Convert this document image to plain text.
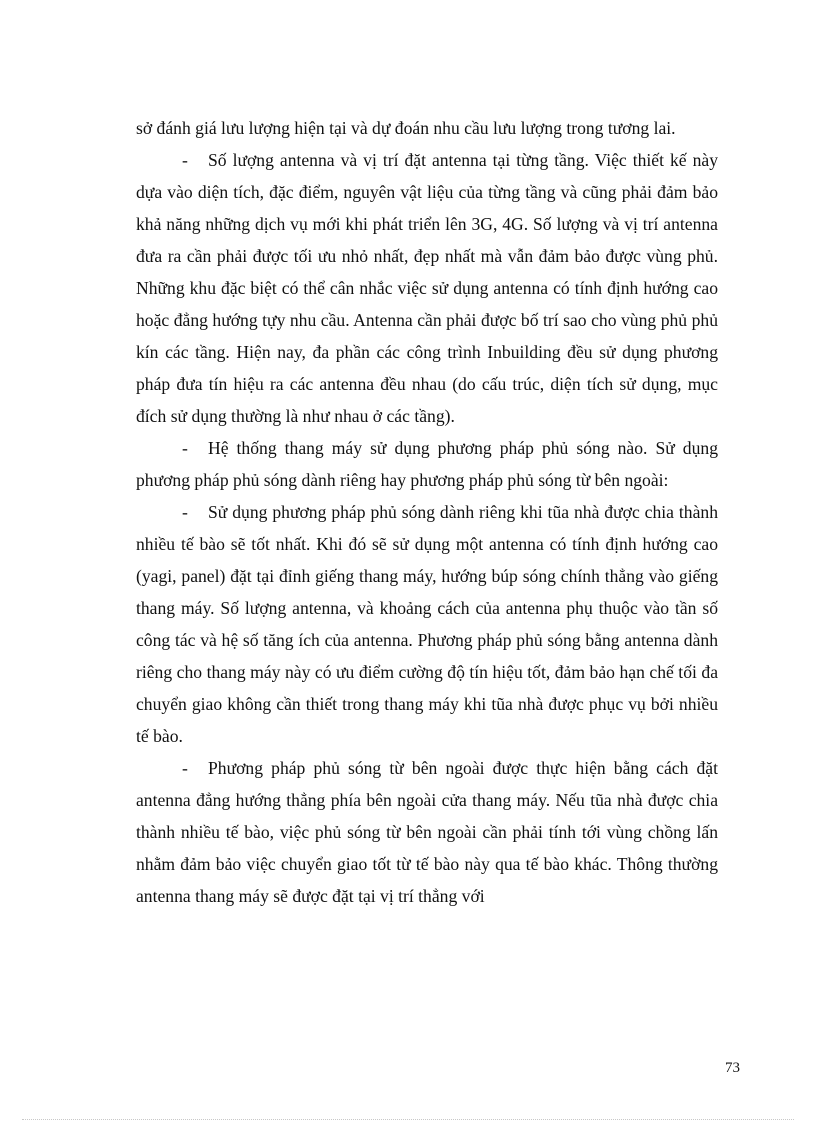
sở đánh giá lưu lượng hiện tại và dự đoán nhu cầu lưu lượng trong tương lai.

- Số lượng antenna và vị trí đặt antenna tại từng tầng. Việc thiết kế này dựa vào diện tích, đặc điểm, nguyên vật liệu của từng tầng và cũng phải đảm bảo khả năng những dịch vụ mới khi phát triển lên 3G, 4G. Số lượng và vị trí antenna đưa ra cần phải được tối ưu nhỏ nhất, đẹp nhất mà vẫn đảm bảo được vùng phủ. Những khu đặc biệt có thể cân nhắc việc sử dụng antenna có tính định hướng cao hoặc đẳng hướng tựy nhu cầu. Antenna cần phải được bố trí sao cho vùng phủ phủ kín các tầng. Hiện nay, đa phần các công trình Inbuilding đều sử dụng phương pháp đưa tín hiệu ra các antenna đều nhau (do cấu trúc, diện tích sử dụng, mục đích sử dụng thường là như nhau ở các tầng).

- Hệ thống thang máy sử dụng phương pháp phủ sóng nào. Sử dụng phương pháp phủ sóng dành riêng hay phương pháp phủ sóng từ bên ngoài:

- Sử dụng phương pháp phủ sóng dành riêng khi tũa nhà được chia thành nhiều tế bào sẽ tốt nhất. Khi đó sẽ sử dụng một antenna có tính định hướng cao (yagi, panel) đặt tại đỉnh giếng thang máy, hướng búp sóng chính thẳng vào giếng thang máy. Số lượng antenna, và khoảng cách của antenna phụ thuộc vào tần số công tác và hệ số tăng ích của antenna. Phương pháp phủ sóng bằng antenna dành riêng cho thang máy này có ưu điểm cường độ tín hiệu tốt, đảm bảo hạn chế tối đa chuyển giao không cần thiết trong thang máy khi tũa nhà được phục vụ bởi nhiều tế bào.

- Phương pháp phủ sóng từ bên ngoài được thực hiện bằng cách đặt antenna đẳng hướng thẳng phía bên ngoài cửa thang máy. Nếu tũa nhà được chia thành nhiều tế bào, việc phủ sóng từ bên ngoài cần phải tính tới vùng chồng lấn nhằm đảm bảo việc chuyển giao tốt từ tế bào này qua tế bào khác. Thông thường antenna thang máy sẽ được đặt tại vị trí thẳng với

73
